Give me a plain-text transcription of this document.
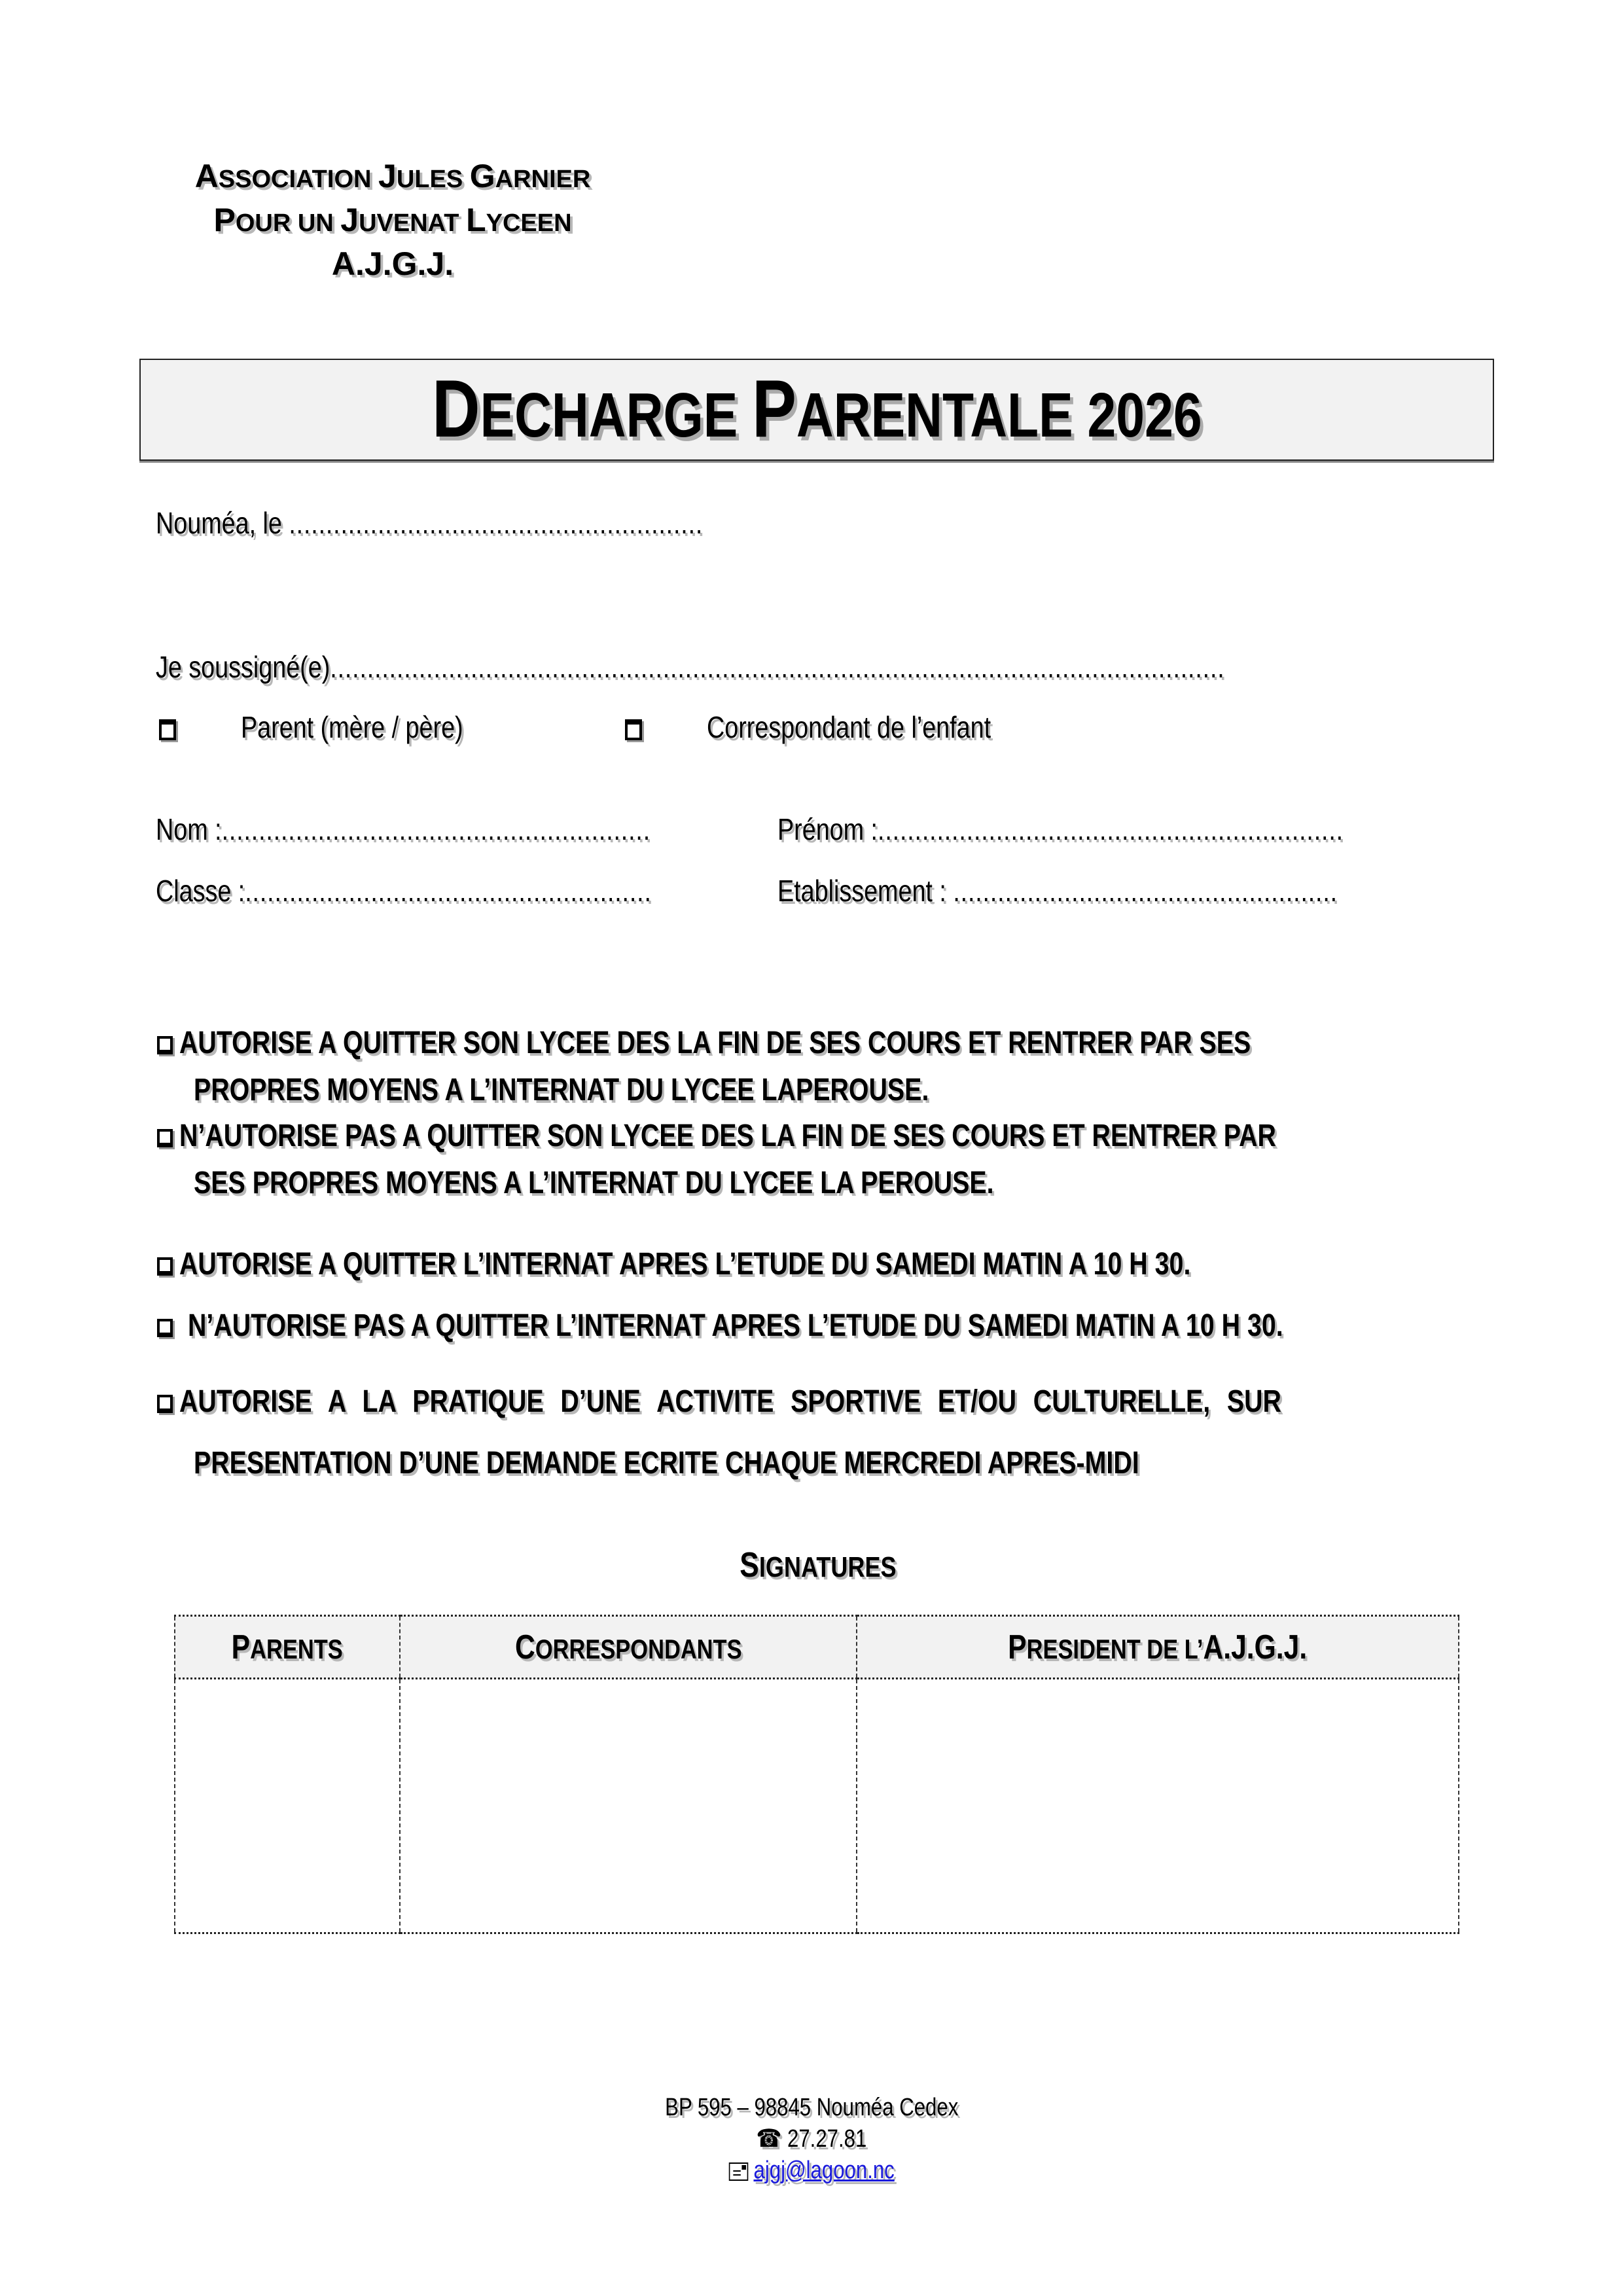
ASSOCIATION JULES GARNIER
POUR UN JUVENAT LYCEEN
A.J.G.J.
DECHARGE PARENTALE 2026
Nouméa, le ........................................................
Je soussigné(e).........................................................................................................................
Parent (mère / père)	Correspondant de l’enfant
Nom :..........................................................	Prénom :...............................................................
Classe :.......................................................	Etablissement : ....................................................
AUTORISE A QUITTER SON LYCEE DES LA FIN DE SES COURS ET RENTRER PAR SES
PROPRES MOYENS A L’INTERNAT DU LYCEE LAPEROUSE.
N’AUTORISE PAS A QUITTER SON LYCEE DES LA FIN DE SES COURS ET RENTRER PAR
SES PROPRES MOYENS A L’INTERNAT DU LYCEE LA PEROUSE.
AUTORISE A QUITTER L’INTERNAT APRES L’ETUDE DU SAMEDI MATIN A 10 H 30.
N’AUTORISE PAS A QUITTER L’INTERNAT APRES L’ETUDE DU SAMEDI MATIN A 10 H 30.
AUTORISE A LA PRATIQUE D’UNE ACTIVITE SPORTIVE ET/OU CULTURELLE, SUR
PRESENTATION D’UNE DEMANDE ECRITE CHAQUE MERCREDI APRES-MIDI
SIGNATURES
PARENTS	CORRESPONDANTS	PRESIDENT DE L’A.J.G.J.

BP 595 – 98845 Nouméa Cedex
☎ 27.27.81
ajgj@lagoon.nc
